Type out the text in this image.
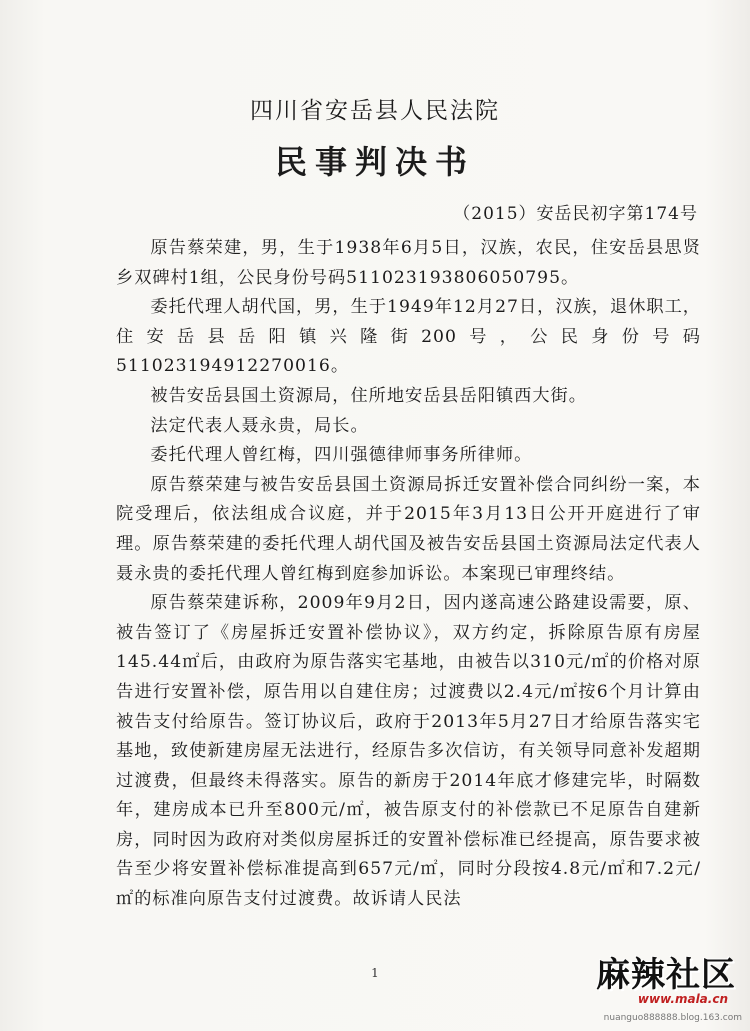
四川省安岳县人民法院
民事判决书
（2015）安岳民初字第174号

原告蔡荣建，男，生于1938年6月5日，汉族，农民，住安岳县思贤乡双碑村1组，公民身份号码511023193806050795。

委托代理人胡代国，男，生于1949年12月27日，汉族，退休职工，住安岳县岳阳镇兴隆街200号，公民身份号码511023194912270016。

被告安岳县国土资源局，住所地安岳县岳阳镇西大街。

法定代表人聂永贵，局长。

委托代理人曾红梅，四川强德律师事务所律师。

原告蔡荣建与被告安岳县国土资源局拆迁安置补偿合同纠纷一案，本院受理后，依法组成合议庭，并于2015年3月13日公开开庭进行了审理。原告蔡荣建的委托代理人胡代国及被告安岳县国土资源局法定代表人聂永贵的委托代理人曾红梅到庭参加诉讼。本案现已审理终结。

原告蔡荣建诉称，2009年9月2日，因内遂高速公路建设需要，原、被告签订了《房屋拆迁安置补偿协议》，双方约定，拆除原告原有房屋145.44㎡后，由政府为原告落实宅基地，由被告以310元/㎡的价格对原告进行安置补偿，原告用以自建住房；过渡费以2.4元/㎡按6个月计算由被告支付给原告。签订协议后，政府于2013年5月27日才给原告落实宅基地，致使新建房屋无法进行，经原告多次信访，有关领导同意补发超期过渡费，但最终未得落实。原告的新房于2014年底才修建完毕，时隔数年，建房成本已升至800元/㎡，被告原支付的补偿款已不足原告自建新房，同时因为政府对类似房屋拆迁的安置补偿标准已经提高，原告要求被告至少将安置补偿标准提高到657元/㎡，同时分段按4.8元/㎡和7.2元/㎡的标准向原告支付过渡费。故诉请人民法

1	麻辣社区
www.mala.cn
nuanguo888888.blog.163.com
